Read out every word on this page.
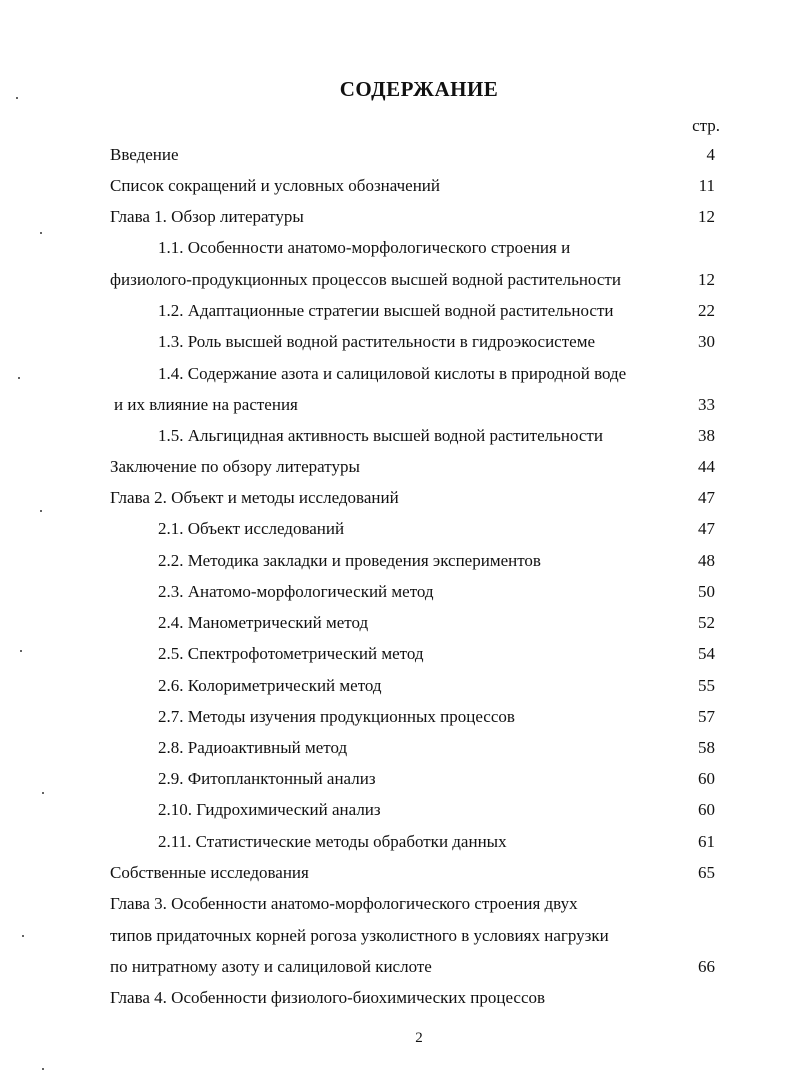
СОДЕРЖАНИЕ
стр.
Введение	4
Список сокращений и условных обозначений	11
Глава 1. Обзор литературы	12
1.1. Особенности анатомо-морфологического строения и
физиолого-продукционных процессов высшей водной растительности	12
1.2. Адаптационные стратегии высшей водной растительности	22
1.3. Роль высшей водной растительности в гидроэкосистеме	30
1.4. Содержание азота и салициловой кислоты в природной воде
и их влияние на растения	33
1.5. Альгицидная активность высшей водной растительности	38
Заключение по обзору литературы	44
Глава 2. Объект и методы исследований	47
2.1. Объект исследований	47
2.2. Методика закладки и проведения экспериментов	48
2.3. Анатомо-морфологический метод	50
2.4. Манометрический метод	52
2.5. Спектрофотометрический метод	54
2.6. Колориметрический метод	55
2.7. Методы изучения продукционных процессов	57
2.8. Радиоактивный метод	58
2.9. Фитопланктонный анализ	60
2.10. Гидрохимический анализ	60
2.11. Статистические методы обработки данных	61
Собственные исследования	65
Глава 3. Особенности анатомо-морфологического строения двух
типов придаточных корней рогоза узколистного в условиях нагрузки
по нитратному азоту и салициловой кислоте	66
Глава 4. Особенности физиолого-биохимических процессов
2
